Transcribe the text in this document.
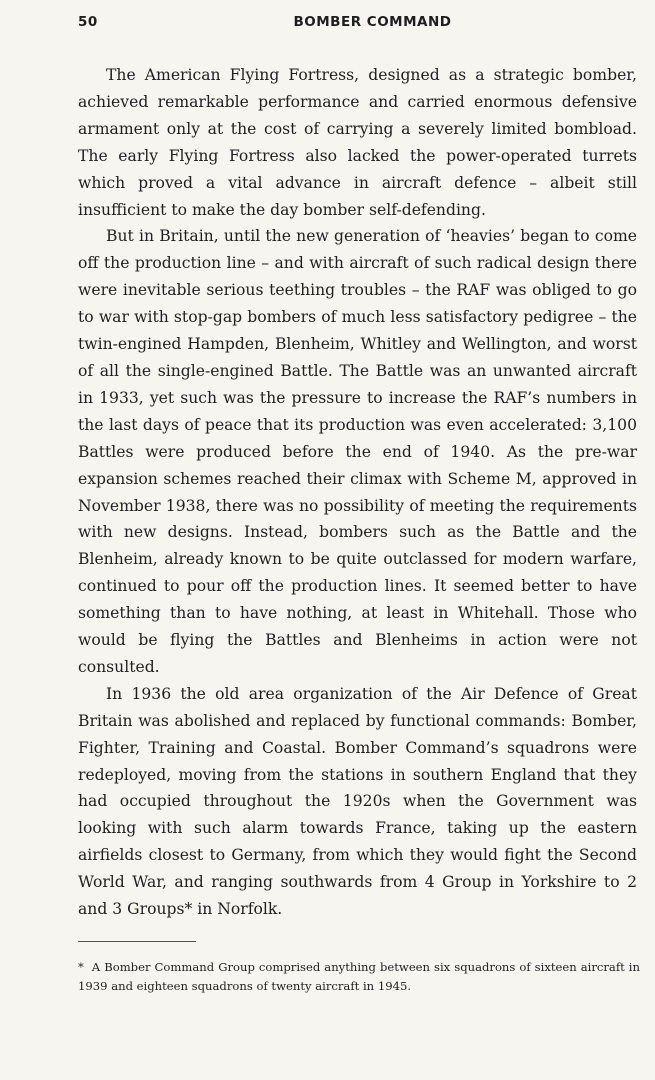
50	BOMBER COMMAND

The American Flying Fortress, designed as a strategic bomber, achieved remarkable performance and carried enormous defensive armament only at the cost of carrying a severely limited bombload. The early Flying Fortress also lacked the power-operated turrets which proved a vital advance in aircraft defence – albeit still insufficient to make the day bomber self-defending.

But in Britain, until the new generation of ‘heavies’ began to come off the production line – and with aircraft of such radical design there were inevitable serious teething troubles – the RAF was obliged to go to war with stop-gap bombers of much less satisfactory pedigree – the twin-engined Hampden, Blenheim, Whitley and Wellington, and worst of all the single-engined Battle. The Battle was an unwanted aircraft in 1933, yet such was the pressure to increase the RAF’s numbers in the last days of peace that its production was even accelerated: 3,100 Battles were produced before the end of 1940. As the pre-war expansion schemes reached their climax with Scheme M, approved in November 1938, there was no possibility of meeting the requirements with new designs. Instead, bombers such as the Battle and the Blenheim, already known to be quite outclassed for modern warfare, continued to pour off the production lines. It seemed better to have something than to have nothing, at least in Whitehall. Those who would be flying the Battles and Blenheims in action were not consulted.

In 1936 the old area organization of the Air Defence of Great Britain was abolished and replaced by functional commands: Bomber, Fighter, Training and Coastal. Bomber Command’s squadrons were redeployed, moving from the stations in southern England that they had occupied throughout the 1920s when the Government was looking with such alarm towards France, taking up the eastern airfields closest to Germany, from which they would fight the Second World War, and ranging southwards from 4 Group in Yorkshire to 2 and 3 Groups* in Norfolk.

* A Bomber Command Group comprised anything between six squadrons of sixteen aircraft in 1939 and eighteen squadrons of twenty aircraft in 1945.
